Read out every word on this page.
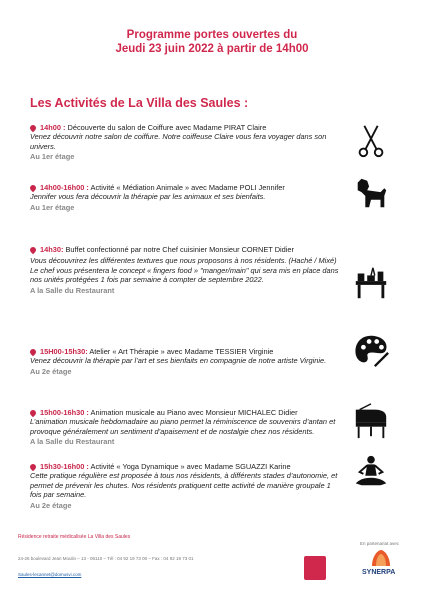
Programme portes ouvertes du
Jeudi 23 juin 2022 à partir de 14h00
Les Activités de La Villa des Saules :
14h00 : Découverte du salon de Coiffure avec Madame PIRAT Claire
Venez découvrir notre salon de coiffure. Notre coiffeuse Claire vous fera voyager dans son univers.
Au 1er étage
14h00-16h00 : Activité « Médiation Animale » avec Madame POLI Jennifer
Jennifer vous fera découvrir la thérapie par les animaux et ses bienfaits.
Au 1er étage
14h30: Buffet confectionné par notre Chef cuisinier Monsieur CORNET Didier
Vous découvrirez les différentes textures que nous proposons à nos résidents. (Haché / Mixé) Le chef vous présentera le concept « fingers food » "manger/main" qui sera mis en place dans nos unités protégées 1 fois par semaine à compter de septembre 2022.
A la Salle du Restaurant
15H00-15h30: Atelier « Art Thérapie » avec Madame TESSIER Virginie
Venez découvrir la thérapie par l’art et ses bienfaits en compagnie de notre artiste Virginie.
Au 2e étage
15h00-16h30 : Animation musicale au Piano avec Monsieur MICHALEC Didier
L’animation musicale hebdomadaire au piano permet la réminiscence de souvenirs d’antan et provoque généralement un sentiment d’apaisement et de nostalgie chez nos résidents.
A la Salle du Restaurant
15h30-16h00 : Activité « Yoga Dynamique » avec Madame SGUAZZI Karine
Cette pratique régulière est proposée à tous nos résidents, à différents stades d’autonomie, et permet de prévenir les chutes. Nos résidents pratiquent cette activité de manière groupale 1 fois par semaine.
Au 2e étage
Résidence retraite médicalisée La Villa des Saules
24-26 boulevard Jean Moulin – 13 - 06110 – Tél : 04 92 19 73 00 – Fax : 04 92 19 73 01
Saules-lecannet@domusvi.com
En partenariat avec
SYNERPA
